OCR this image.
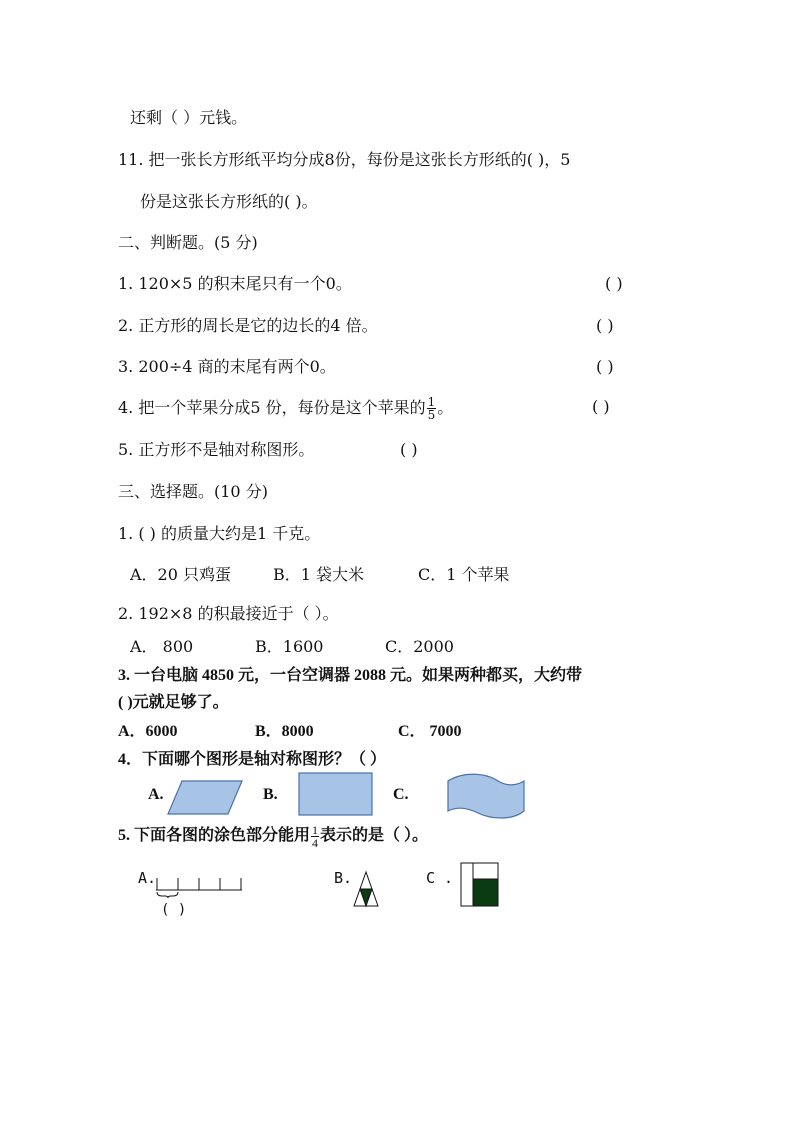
还剩（ ）元钱。
11. 把一张长方形纸平均分成8份，每份是这张长方形纸的( )，5
份是这张长方形纸的( )。
二、判断题。(5 分)
1. 120×5 的积末尾只有一个0。	( )
2. 正方形的周长是它的边长的4 倍。	( )
3. 200÷4 商的末尾有两个0。	( )
4. 把一个苹果分成5 份，每份是这个苹果的 $\frac{1}{5}$ 。	( )
5. 正方形不是轴对称图形。	( )
三、选择题。(10 分)
1. ( ) 的质量大约是1 千克。
A．20 只鸡蛋	B．1 袋大米	C．1 个苹果
2. 192×8 的积最接近于（ ）。
A． 800	B．1600	C．2000
3. 一台电脑 4850 元，一台空调器 2088 元。如果两种都买，大约带
( )元就足够了。
A．6000	B．8000	C． 7000
4．下面哪个图形是轴对称图形？（ ）
A.	B.	C.
5. 下面各图的涂色部分能用 $\frac{1}{4}$ 表示的是（ ）。
A.
( )
B.	C .
